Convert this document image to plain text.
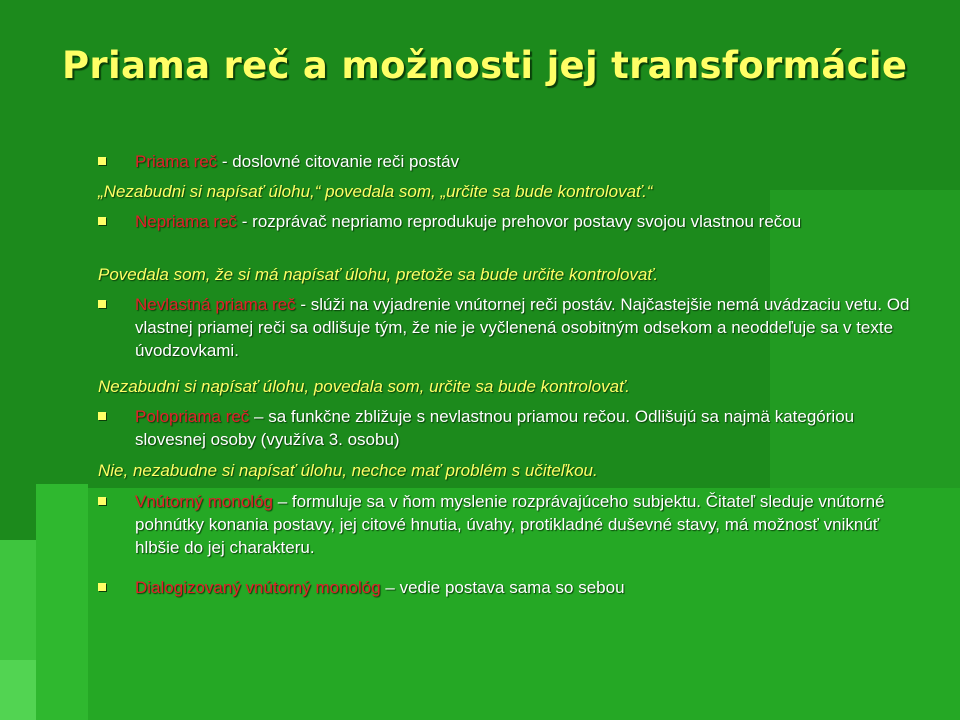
Priama reč a možnosti jej transformácie
Priama reč - doslovné citovanie reči postáv
„Nezabudni si napísať úlohu,“ povedala som, „určite sa bude kontrolovať.“
Nepriama reč - rozprávač nepriamo reprodukuje prehovor postavy svojou vlastnou rečou
Povedala som, že si má napísať úlohu, pretože sa bude určite kontrolovať.
Nevlastná priama reč - slúži na vyjadrenie vnútornej reči postáv. Najčastejšie nemá uvádzaciu vetu. Od vlastnej priamej reči sa odlišuje tým, že nie je vyčlenená osobitným odsekom a neoddeľuje sa v texte úvodzovkami.
Nezabudni si napísať úlohu, povedala som, určite sa bude kontrolovať.
Polopriama reč – sa funkčne zbližuje s nevlastnou priamou rečou. Odlišujú sa najmä kategóriou slovesnej osoby (využíva 3. osobu)
Nie, nezabudne si napísať úlohu, nechce mať problém s učiteľkou.
Vnútorný monológ – formuluje sa v ňom myslenie rozprávajúceho subjektu. Čitateľ sleduje vnútorné pohnútky konania postavy, jej citové hnutia, úvahy, protikladné duševné stavy, má možnosť vniknúť hlbšie do jej charakteru.
Dialogizovaný vnútorný monológ – vedie postava sama so sebou
